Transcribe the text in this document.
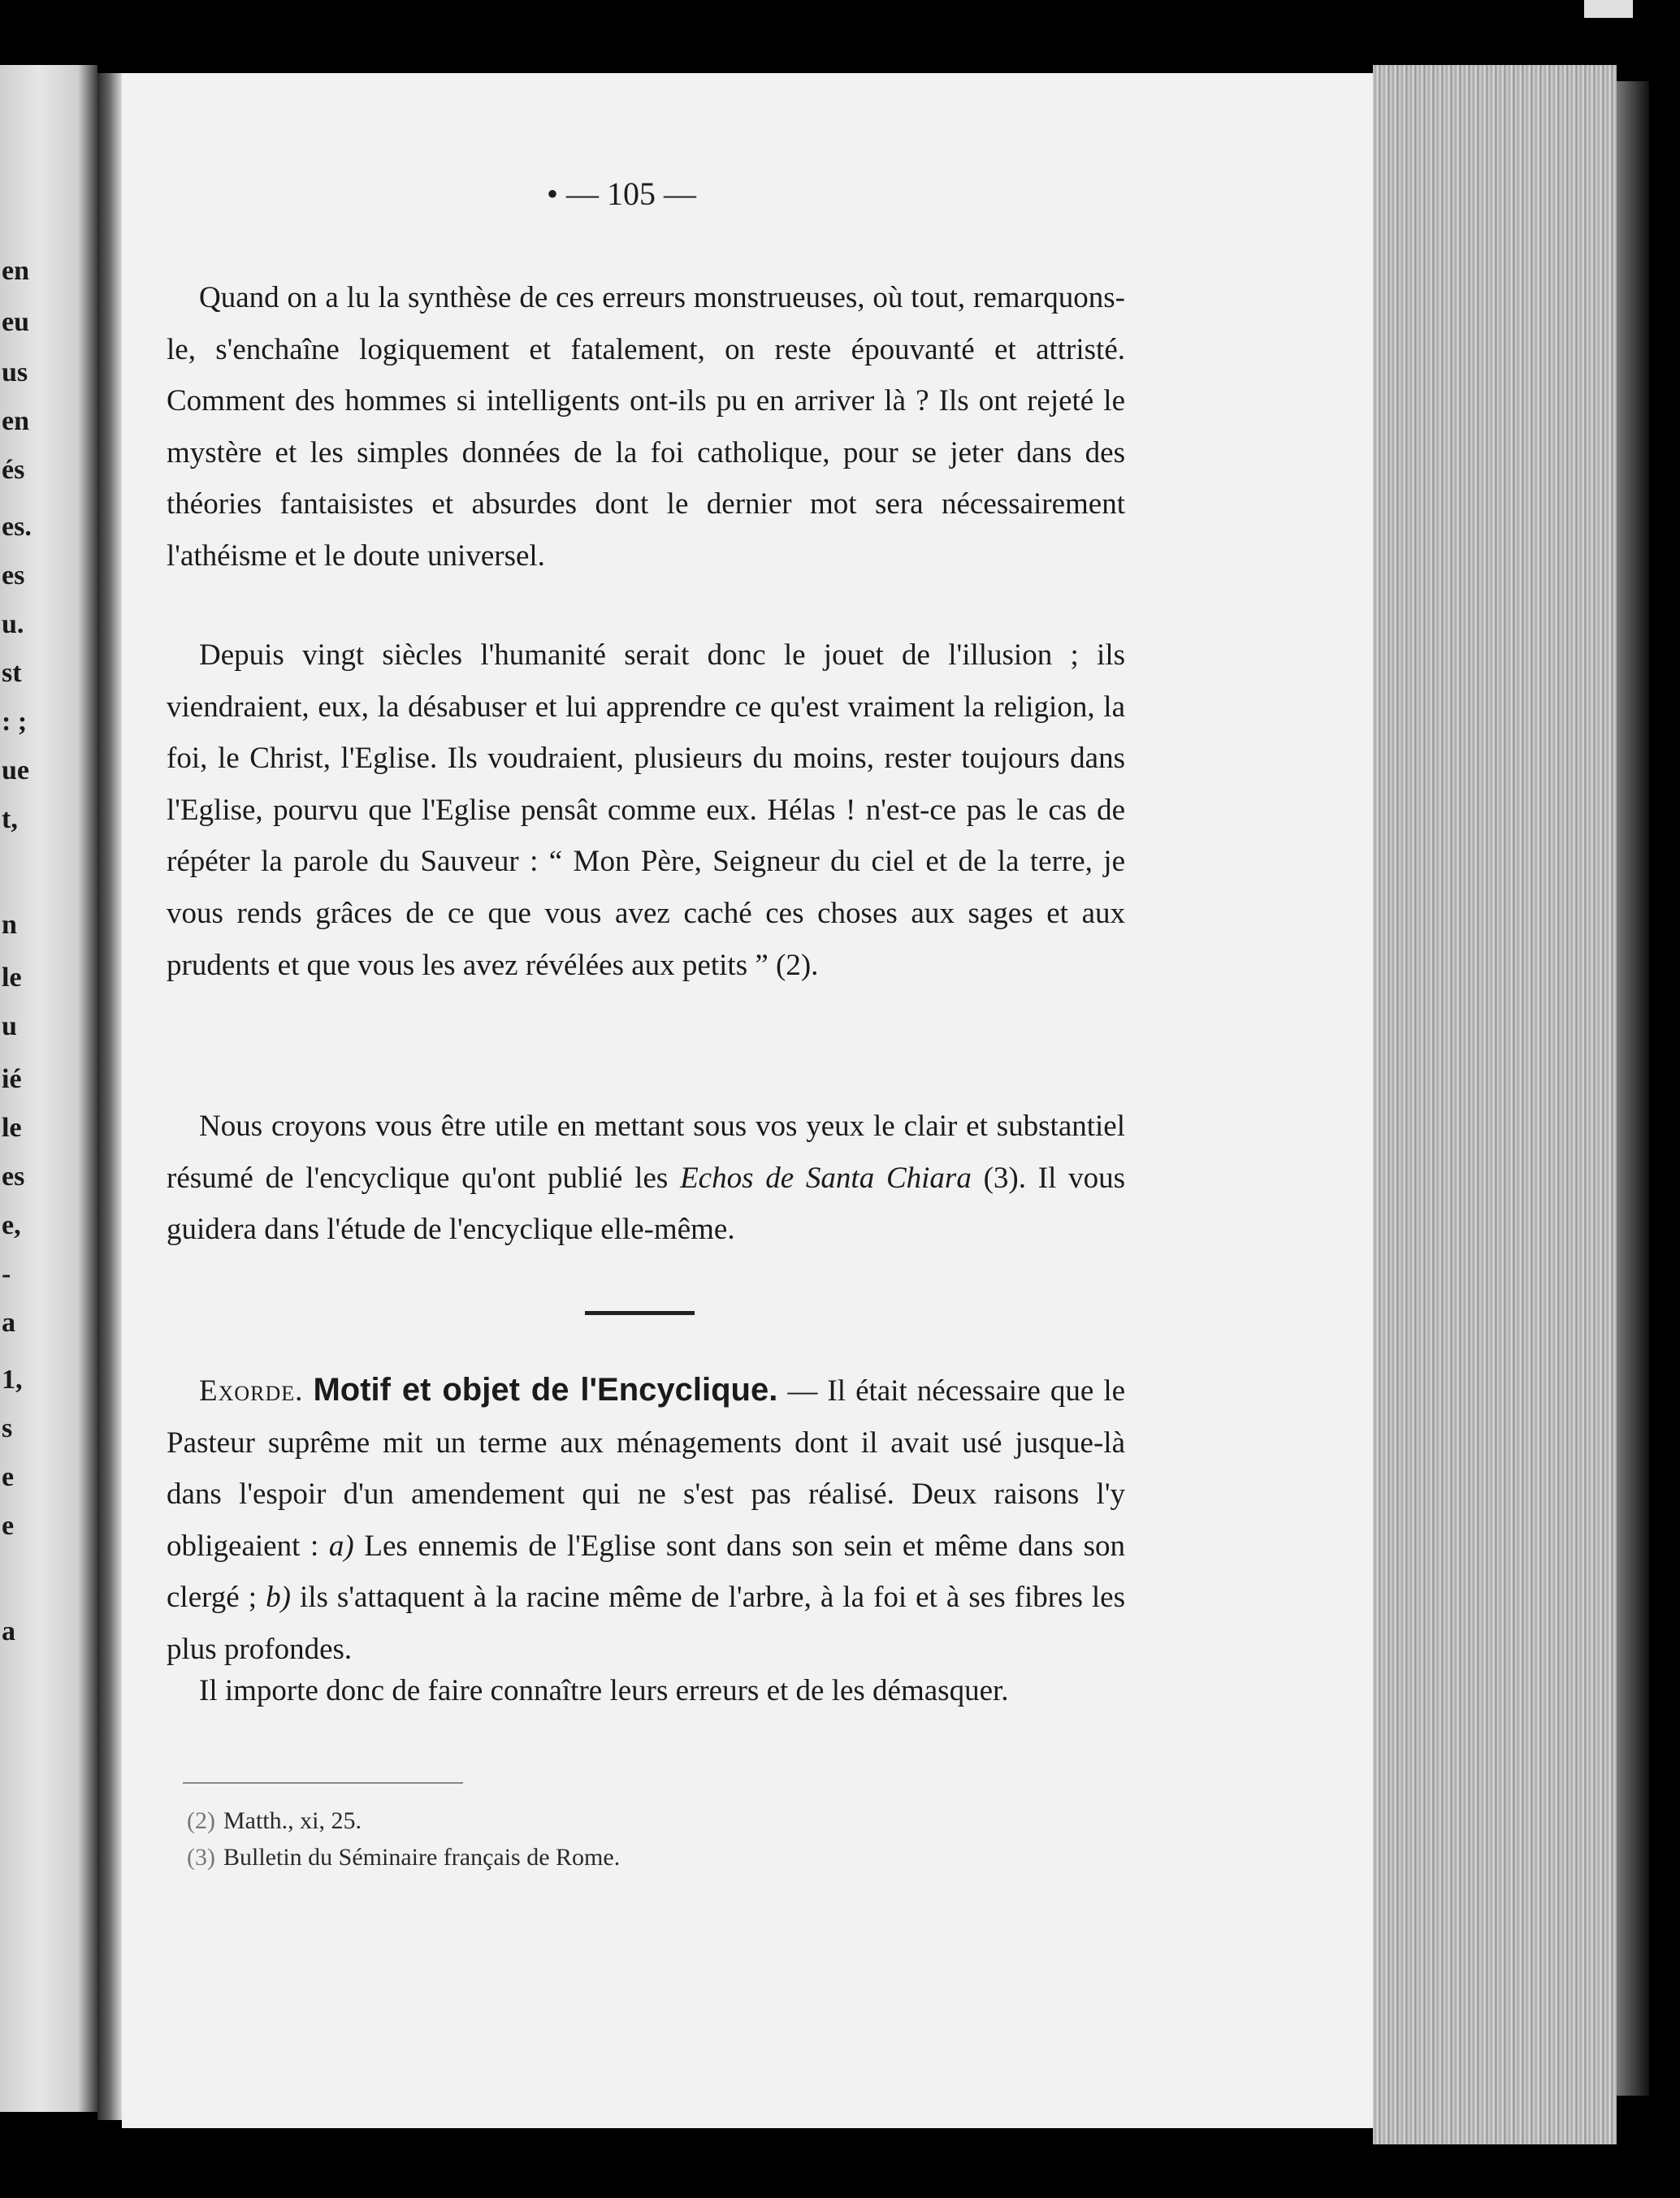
en
eu
us
en
és
es.
es
u.
st
: ;
ue
t,
n
le
u
ié
le
es
e,
-
a
1,
s
e
e
a
• — 105 —

Quand on a lu la synthèse de ces erreurs monstrueuses, où tout, remarquons-le, s'enchaîne logiquement et fatalement, on reste épouvanté et attristé. Comment des hommes si intelligents ont-ils pu en arriver là ? Ils ont rejeté le mystère et les simples données de la foi catholique, pour se jeter dans des théories fantaisistes et absurdes dont le dernier mot sera nécessairement l'athéisme et le doute universel.

Depuis vingt siècles l'humanité serait donc le jouet de l'illusion ; ils viendraient, eux, la désabuser et lui apprendre ce qu'est vraiment la religion, la foi, le Christ, l'Eglise. Ils voudraient, plusieurs du moins, rester toujours dans l'Eglise, pourvu que l'Eglise pensât comme eux. Hélas ! n'est-ce pas le cas de répéter la parole du Sauveur : “ Mon Père, Seigneur du ciel et de la terre, je vous rends grâces de ce que vous avez caché ces choses aux sages et aux prudents et que vous les avez révélées aux petits ” (2).

Nous croyons vous être utile en mettant sous vos yeux le clair et substantiel résumé de l'encyclique qu'ont publié les Echos de Santa Chiara (3). Il vous guidera dans l'étude de l'encyclique elle-même.

Exorde. Motif et objet de l'Encyclique. — Il était nécessaire que le Pasteur suprême mit un terme aux ménagements dont il avait usé jusque-là dans l'espoir d'un amendement qui ne s'est pas réalisé. Deux raisons l'y obligeaient : a) Les ennemis de l'Eglise sont dans son sein et même dans son clergé ; b) ils s'attaquent à la racine même de l'arbre, à la foi et à ses fibres les plus profondes.

Il importe donc de faire connaître leurs erreurs et de les démasquer.

(2) Matth., xi, 25.
(3) Bulletin du Séminaire français de Rome.
